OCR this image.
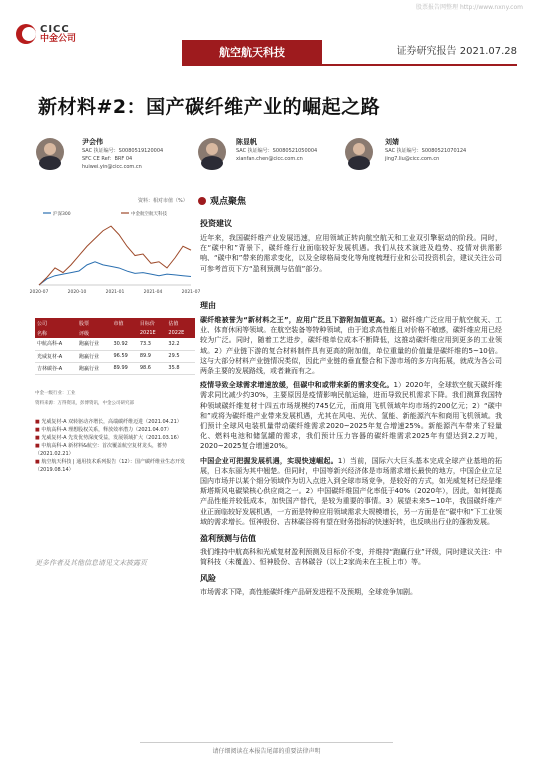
股票报告网整理 http://www.nxny.com
CICC
中金公司
航空航天科技	证券研究报告 2021.07.28
新材料#2：国产碳纤维产业的崛起之路
尹会伟
SAC 执证编号：S0080519120004
SFC CE Ref：BRF 04
huiwei.yin@cicc.com.cn
陈显帆
SAC 执证编号：S0080521050004
xianfan.chen@cicc.com.cn
刘婧
SAC 执证编号：S0080521070124
jing7.liu@cicc.com.cn
资料：相对市值（%）
沪深300	中金航空航天科技
2020-07	2020-10	2021-01	2021-04	2021-07
公司	股票	市值	目标价	估值
名称	评级		2021E	2022E
中航高科-A	跑赢行业	30.92	73.3	32.2
光威复材-A	跑赢行业	96.59	89.9	29.5
吉林碳谷-A	跑赢行业	89.99	98.6	35.8
中金一级行业：工业
资料来源：万得资讯，彭博资讯，中金公司研究部
■ 光威复材-A 双转驱动齐增长，高端碳纤维迈进（2021.04.21）
■ 中航高科-A 理想股权关系，释放效率潜力（2021.04.07）
■ 光威复材-A 先发优势深度受益，发展领域扩大（2021.03.16）
■ 中航高科-A 新材料&航空：首次覆盖航空复材龙头，蓄势（2021.02.21）
■ 航空航天科技 | 通用技术系列报告（12）：国产碳纤维业生态开发（2019.08.14）
更多作者及其他信息请见文末披露页
观点聚焦
投资建议
近年来，我国碳纤维产业发展迅速，应用领域正转向航空航天和工业双引擎驱动的阶段。同时，在“碳中和”背景下，碳纤维行业面临较好发展机遇。我们从技术演进及趋势、疫情对供需影响、“碳中和”带来的需求变化，以及全球格局变化等角度梳理行业和公司投资机会，建议关注公司可参考首页下方“盈利预测与估值”部分。
理由
碳纤维被誉为“新材料之王”，应用广泛且下游附加值更高。1）碳纤维广泛应用于航空航天、工业、体育休闲等领域。在航空装备等特种领域，由于追求高性能且对价格不敏感，碳纤维应用已经较为广泛。同时，随着工艺进步，碳纤维单位成本不断降低，这推动碳纤维应用到更多的工业领域。2）产业链下游的复合材料制件具有更高的附加值，单位重量的价值量是碳纤维的5~10倍。这与大部分材料产业链情况类似，因此产业链的垂直整合和下游市场的多方向拓展，就成为各公司两条主要的发展路线，或者兼而有之。
疫情导致全球需求增速放缓，但碳中和或带来新的需求变化。1）2020年，全球软空航天碳纤维需求同比减少约30%，主要原因是疫情影响民航运输，进而导致民机需求下降。我们测算我国特种领域碳纤维复材十四五市场规模约745亿元，而商用飞机领域年均市场约200亿元；2）“碳中和”或将为碳纤维产业带来发展机遇，尤其在风电、光伏、氢能、新能源汽车和商用飞机领域。我们预计全球风电装机量带动碳纤维需求2020~2025年复合增速25%。新能源汽车带来了轻量化、燃料电池和储氢罐的需求，我们预计压力容器的碳纤维需求2025年有望达到2.2万吨，2020~2025复合增速20%。
中国企业可把握发展机遇，实现快速崛起。1）当前，国际六大巨头基本完成全球产业基地的拓展，日本东丽为其中翘楚。但同时，中国等新兴经济体是市场需求增长最快的地方，中国企业立足国内市场并以某个细分领域作为切入点进入到全球市场竞争，是较好的方式，如光威复材已经是维斯塔斯风电碳梁核心供应商之一。2）中国碳纤维国产化率低于40%（2020年），因此，如何提高产品性能并较低成本，加快国产替代，是较为重要的事情。3）展望未来5~10年，我国碳纤维产业正面临较好发展机遇，一方面是特种应用领域需求大规模增长，另一方面是在“碳中和”下工业领域的需求增长。恒神股份、吉林碳谷将有望在财务指标的快速好转，也反映出行业的蓬勃发展。
盈利预测与估值
我们维持中航高科和光威复材盈利预测及目标价不变，并维持“跑赢行业”评级，同时建议关注：中简科技（未覆盖）、恒神股份、吉林碳谷（以上2家尚未在主板上市）等。
风险
市场需求下降，高性能碳纤维产品研发进程不及预期，全球竞争加剧。
请仔细阅读在本报告尾部的重要法律声明
